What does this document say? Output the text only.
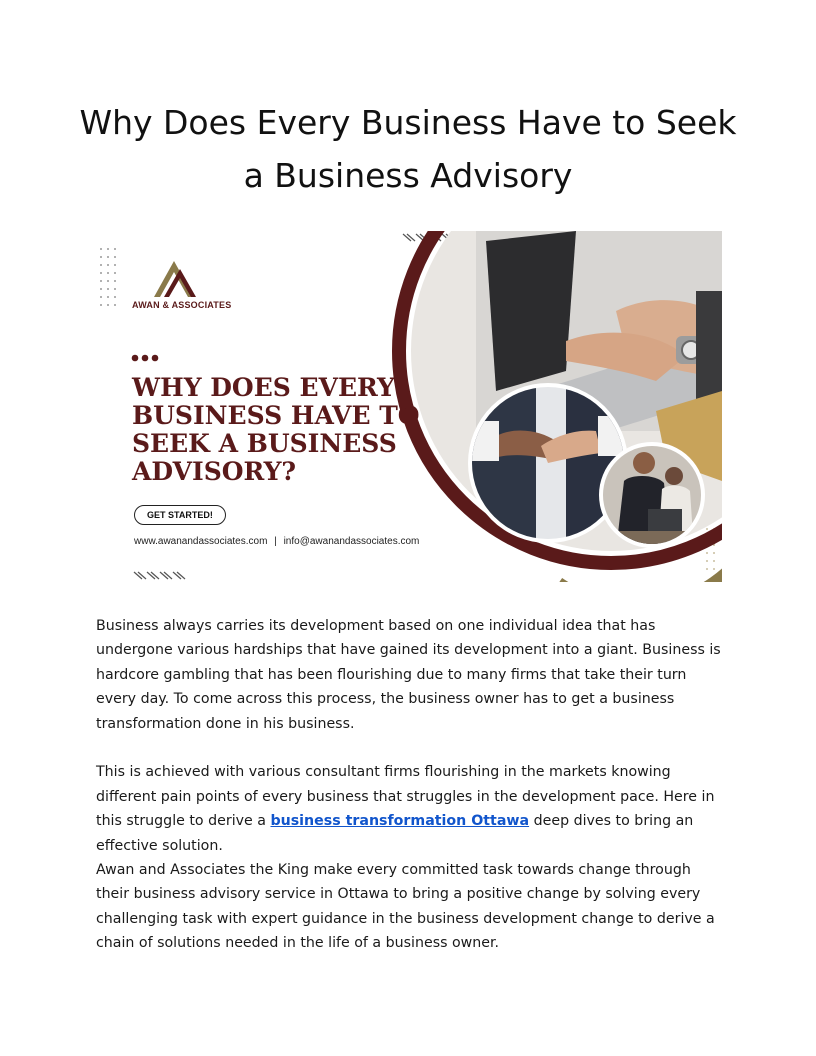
Why Does Every Business Have to Seek
a Business Advisory
AWAN & ASSOCIATES
WHY DOES EVERY
BUSINESS HAVE TO
SEEK A BUSINESS
ADVISORY?
GET STARTED!
www.awanandassociates.com | info@awanandassociates.com

Business always carries its development based on one individual idea that has undergone various hardships that have gained its development into a giant. Business is hardcore gambling that has been flourishing due to many firms that take their turn every day. To come across this process, the business owner has to get a business transformation done in his business.

This is achieved with various consultant firms flourishing in the markets knowing different pain points of every business that struggles in the development pace. Here in this struggle to derive a business transformation Ottawa deep dives to bring an effective solution.

Awan and Associates the King make every committed task towards change through their business advisory service in Ottawa to bring a positive change by solving every challenging task with expert guidance in the business development change to derive a chain of solutions needed in the life of a business owner.
